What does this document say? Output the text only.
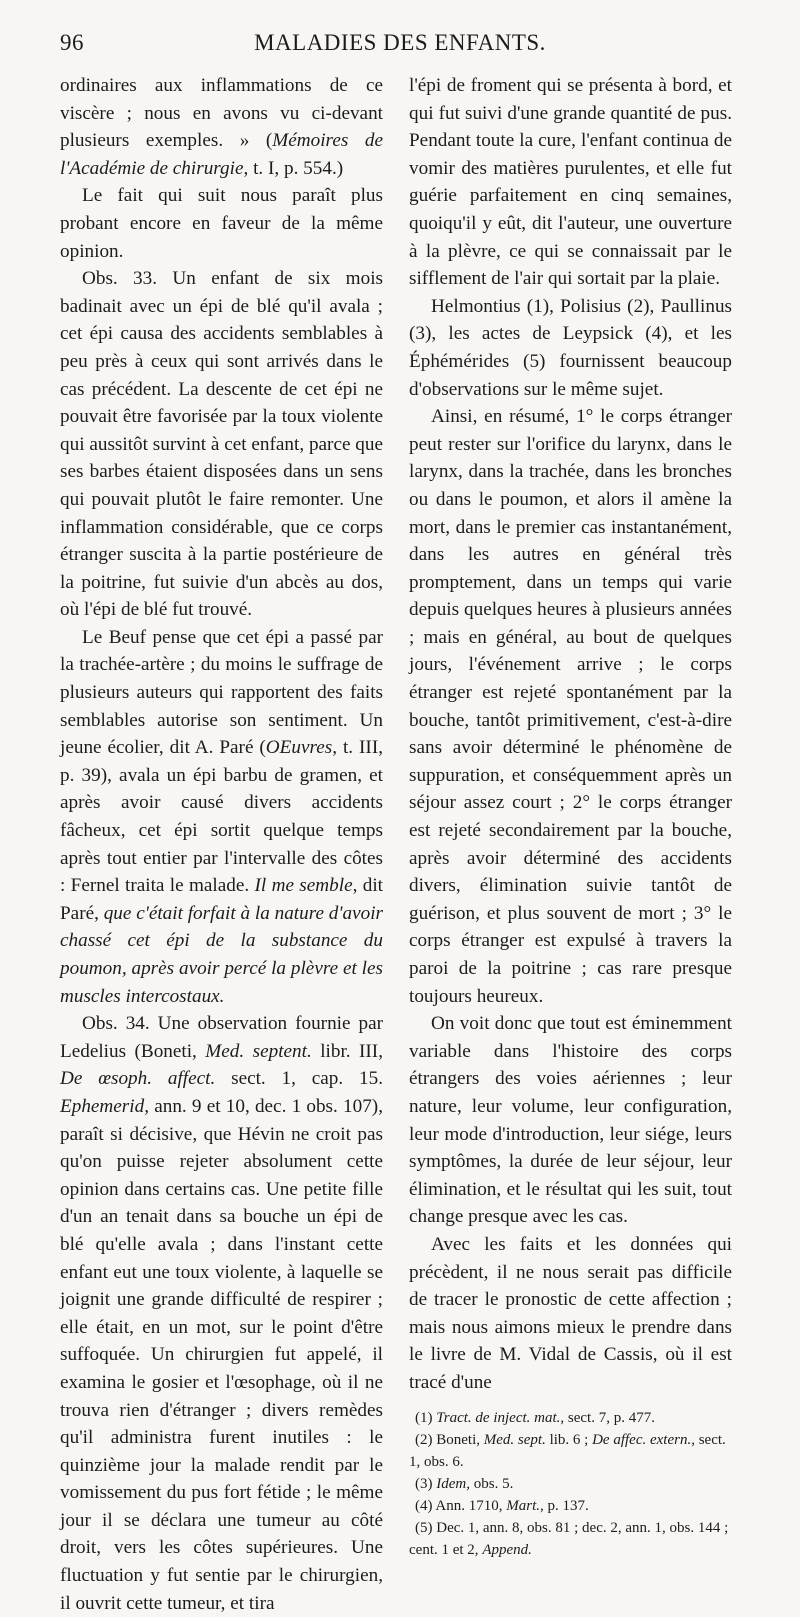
96	MALADIES DES ENFANTS.

ordinaires aux inflammations de ce viscère ; nous en avons vu ci-devant plusieurs exemples. » (Mémoires de l'Académie de chirurgie, t. I, p. 554.)

Le fait qui suit nous paraît plus probant encore en faveur de la même opinion.

Obs. 33. Un enfant de six mois badinait avec un épi de blé qu'il avala ; cet épi causa des accidents semblables à peu près à ceux qui sont arrivés dans le cas précédent. La descente de cet épi ne pouvait être favorisée par la toux violente qui aussitôt survint à cet enfant, parce que ses barbes étaient disposées dans un sens qui pouvait plutôt le faire remonter. Une inflammation considérable, que ce corps étranger suscita à la partie postérieure de la poitrine, fut suivie d'un abcès au dos, où l'épi de blé fut trouvé.

Le Beuf pense que cet épi a passé par la trachée-artère ; du moins le suffrage de plusieurs auteurs qui rapportent des faits semblables autorise son sentiment. Un jeune écolier, dit A. Paré (OEuvres, t. III, p. 39), avala un épi barbu de gramen, et après avoir causé divers accidents fâcheux, cet épi sortit quelque temps après tout entier par l'intervalle des côtes : Fernel traita le malade. Il me semble, dit Paré, que c'était forfait à la nature d'avoir chassé cet épi de la substance du poumon, après avoir percé la plèvre et les muscles intercostaux.

Obs. 34. Une observation fournie par Ledelius (Boneti, Med. septent. libr. III, De œsoph. affect. sect. 1, cap. 15. Ephemerid, ann. 9 et 10, dec. 1 obs. 107), paraît si décisive, que Hévin ne croit pas qu'on puisse rejeter absolument cette opinion dans certains cas. Une petite fille d'un an tenait dans sa bouche un épi de blé qu'elle avala ; dans l'instant cette enfant eut une toux violente, à laquelle se joignit une grande difficulté de respirer ; elle était, en un mot, sur le point d'être suffoquée. Un chirurgien fut appelé, il examina le gosier et l'œsophage, où il ne trouva rien d'étranger ; divers remèdes qu'il administra furent inutiles : le quinzième jour la malade rendit par le vomissement du pus fort fétide ; le même jour il se déclara une tumeur au côté droit, vers les côtes supérieures. Une fluctuation y fut sentie par le chirurgien, il ouvrit cette tumeur, et tira

l'épi de froment qui se présenta à bord, et qui fut suivi d'une grande quantité de pus. Pendant toute la cure, l'enfant continua de vomir des matières purulentes, et elle fut guérie parfaitement en cinq semaines, quoiqu'il y eût, dit l'auteur, une ouverture à la plèvre, ce qui se connaissait par le sifflement de l'air qui sortait par la plaie.

Helmontius (1), Polisius (2), Paullinus (3), les actes de Leypsick (4), et les Éphémérides (5) fournissent beaucoup d'observations sur le même sujet.

Ainsi, en résumé, 1° le corps étranger peut rester sur l'orifice du larynx, dans le larynx, dans la trachée, dans les bronches ou dans le poumon, et alors il amène la mort, dans le premier cas instantanément, dans les autres en général très promptement, dans un temps qui varie depuis quelques heures à plusieurs années ; mais en général, au bout de quelques jours, l'événement arrive ; le corps étranger est rejeté spontanément par la bouche, tantôt primitivement, c'est-à-dire sans avoir déterminé le phénomène de suppuration, et conséquemment après un séjour assez court ; 2° le corps étranger est rejeté secondairement par la bouche, après avoir déterminé des accidents divers, élimination suivie tantôt de guérison, et plus souvent de mort ; 3° le corps étranger est expulsé à travers la paroi de la poitrine ; cas rare presque toujours heureux.

On voit donc que tout est éminemment variable dans l'histoire des corps étrangers des voies aériennes ; leur nature, leur volume, leur configuration, leur mode d'introduction, leur siége, leurs symptômes, la durée de leur séjour, leur élimination, et le résultat qui les suit, tout change presque avec les cas.

Avec les faits et les données qui précèdent, il ne nous serait pas difficile de tracer le pronostic de cette affection ; mais nous aimons mieux le prendre dans le livre de M. Vidal de Cassis, où il est tracé d'une

(1) Tract. de inject. mat., sect. 7, p. 477.

(2) Boneti, Med. sept. lib. 6 ; De affec. extern., sect. 1, obs. 6.

(3) Idem, obs. 5.

(4) Ann. 1710, Mart., p. 137.

(5) Dec. 1, ann. 8, obs. 81 ; dec. 2, ann. 1, obs. 144 ; cent. 1 et 2, Append.
